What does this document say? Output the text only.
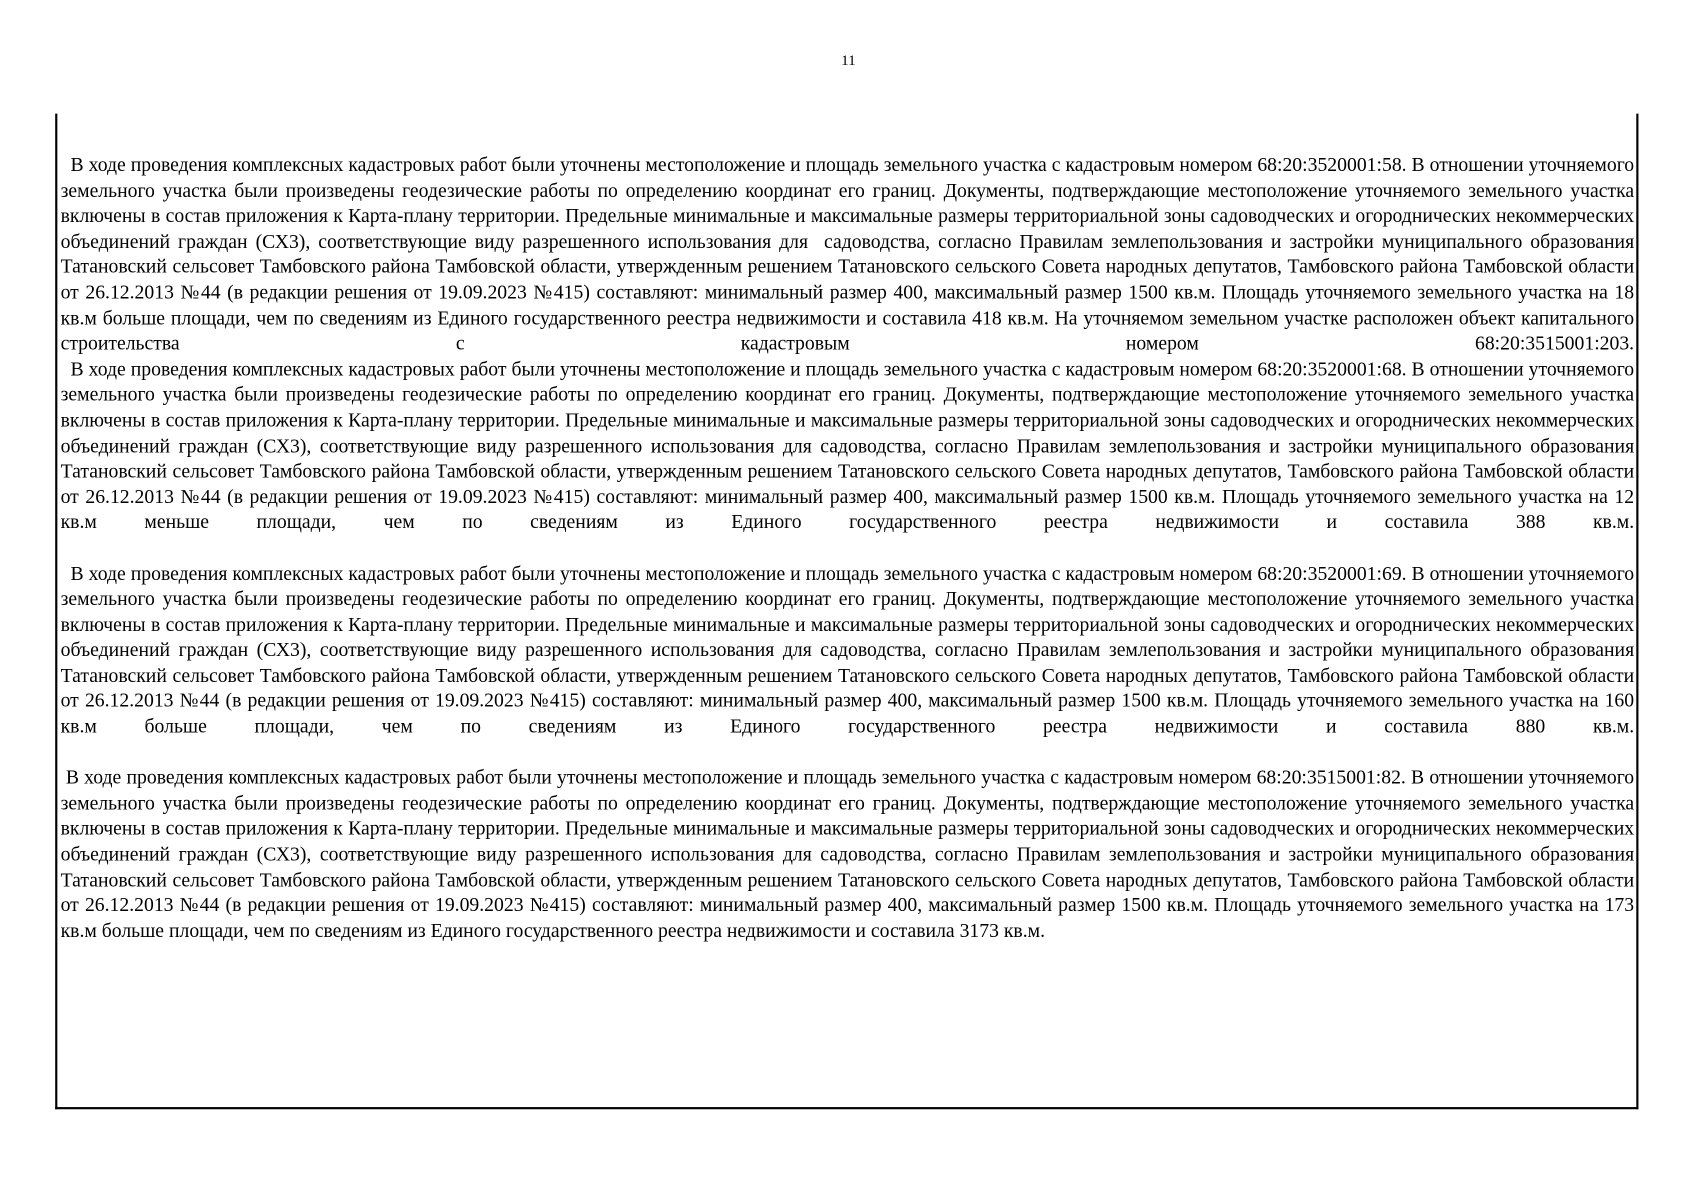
11

В ходе проведения комплексных кадастровых работ были уточнены местоположение и площадь земельного участка с кадастровым номером 68:20:3520001:58. В отношении уточняемого земельного участка были произведены геодезические работы по определению координат его границ. Документы, подтверждающие местоположение уточняемого земельного участка включены в состав приложения к Карта-плану территории. Предельные минимальные и максимальные размеры территориальной зоны садоводческих и огороднических некоммерческих объединений граждан (СХ3), соответствующие виду разрешенного использования для  садоводства, согласно Правилам землепользования и застройки муниципального образования Татановский сельсовет Тамбовского района Тамбовской области, утвержденным решением Татановского сельского Совета народных депутатов, Тамбовского района Тамбовской области от 26.12.2013 №44 (в редакции решения от 19.09.2023 №415) составляют: минимальный размер 400, максимальный размер 1500 кв.м. Площадь уточняемого земельного участка на 18 кв.м больше площади, чем по сведениям из Единого государственного реестра недвижимости и составила 418 кв.м. На уточняемом земельном участке расположен объект капитального строительства с кадастровым номером 68:20:3515001:203.

В ходе проведения комплексных кадастровых работ были уточнены местоположение и площадь земельного участка с кадастровым номером 68:20:3520001:68. В отношении уточняемого земельного участка были произведены геодезические работы по определению координат его границ. Документы, подтверждающие местоположение уточняемого земельного участка включены в состав приложения к Карта-плану территории. Предельные минимальные и максимальные размеры территориальной зоны садоводческих и огороднических некоммерческих объединений граждан (СХ3), соответствующие виду разрешенного использования для садоводства, согласно Правилам землепользования и застройки муниципального образования Татановский сельсовет Тамбовского района Тамбовской области, утвержденным решением Татановского сельского Совета народных депутатов, Тамбовского района Тамбовской области от 26.12.2013 №44 (в редакции решения от 19.09.2023 №415) составляют: минимальный размер 400, максимальный размер 1500 кв.м. Площадь уточняемого земельного участка на 12 кв.м меньше площади, чем по сведениям из Единого государственного реестра недвижимости и составила 388 кв.м.

В ходе проведения комплексных кадастровых работ были уточнены местоположение и площадь земельного участка с кадастровым номером 68:20:3520001:69. В отношении уточняемого земельного участка были произведены геодезические работы по определению координат его границ. Документы, подтверждающие местоположение уточняемого земельного участка включены в состав приложения к Карта-плану территории. Предельные минимальные и максимальные размеры территориальной зоны садоводческих и огороднических некоммерческих объединений граждан (СХ3), соответствующие виду разрешенного использования для садоводства, согласно Правилам землепользования и застройки муниципального образования Татановский сельсовет Тамбовского района Тамбовской области, утвержденным решением Татановского сельского Совета народных депутатов, Тамбовского района Тамбовской области от 26.12.2013 №44 (в редакции решения от 19.09.2023 №415) составляют: минимальный размер 400, максимальный размер 1500 кв.м. Площадь уточняемого земельного участка на 160 кв.м больше площади, чем по сведениям из Единого государственного реестра недвижимости и составила 880 кв.м.

В ходе проведения комплексных кадастровых работ были уточнены местоположение и площадь земельного участка с кадастровым номером 68:20:3515001:82. В отношении уточняемого земельного участка были произведены геодезические работы по определению координат его границ. Документы, подтверждающие местоположение уточняемого земельного участка включены в состав приложения к Карта-плану территории. Предельные минимальные и максимальные размеры территориальной зоны садоводческих и огороднических некоммерческих объединений граждан (СХ3), соответствующие виду разрешенного использования для садоводства, согласно Правилам землепользования и застройки муниципального образования Татановский сельсовет Тамбовского района Тамбовской области, утвержденным решением Татановского сельского Совета народных депутатов, Тамбовского района Тамбовской области от 26.12.2013 №44 (в редакции решения от 19.09.2023 №415) составляют: минимальный размер 400, максимальный размер 1500 кв.м. Площадь уточняемого земельного участка на 173 кв.м больше площади, чем по сведениям из Единого государственного реестра недвижимости и составила 3173 кв.м.
